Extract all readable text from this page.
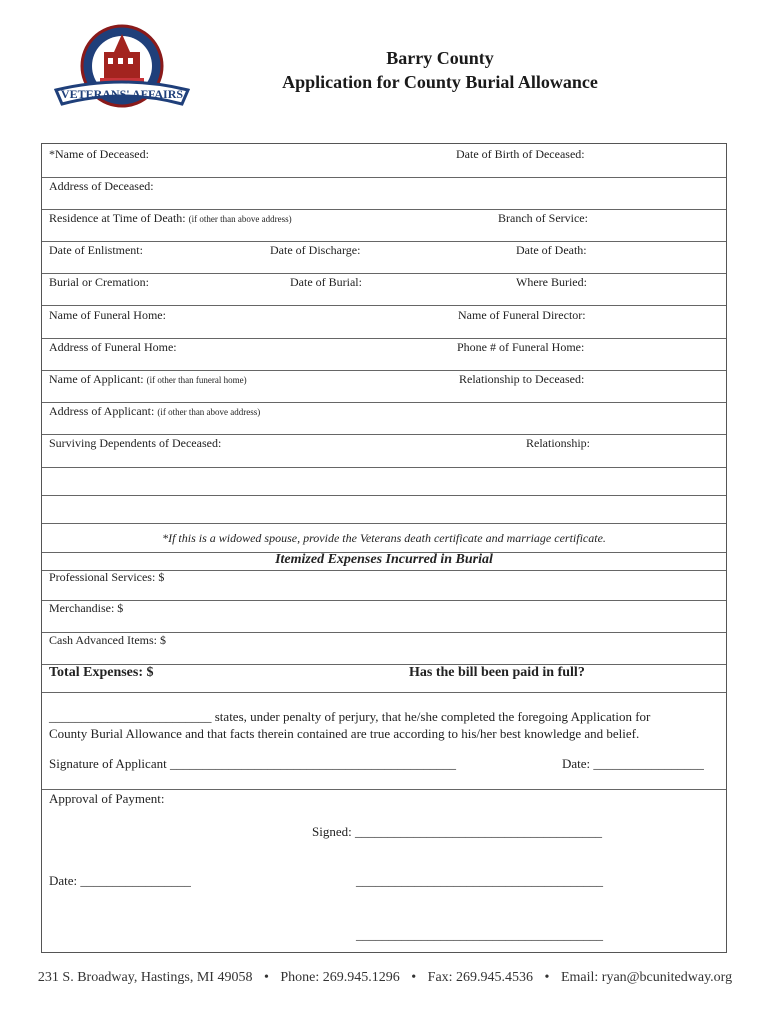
VETERANS' AFFAIRS
Barry County
Application for County Burial Allowance
*Name of Deceased:	Date of Birth of Deceased:
Address of Deceased:
Residence at Time of Death: (if other than above address)	Branch of Service:
Date of Enlistment:	Date of Discharge:	Date of Death:
Burial or Cremation:	Date of Burial:	Where Buried:
Name of Funeral Home:	Name of Funeral Director:
Address of Funeral Home:	Phone # of Funeral Home:
Name of Applicant: (if other than funeral home)	Relationship to Deceased:
Address of Applicant: (if other than above address)
Surviving Dependents of Deceased:	Relationship:
*If this is a widowed spouse, provide the Veterans death certificate and marriage certificate.
Itemized Expenses Incurred in Burial
Professional Services: $
Merchandise: $
Cash Advanced Items: $
Total Expenses: $	Has the bill been paid in full?
_________________________ states, under penalty of perjury, that he/she completed the foregoing Application for
County Burial Allowance and that facts therein contained are true according to his/her best knowledge and belief.
Signature of Applicant ____________________________________________	Date: _________________
Approval of Payment:
Signed: ______________________________________
Date: _________________	______________________________________
______________________________________
231 S. Broadway, Hastings, MI 49058 • Phone: 269.945.1296 • Fax: 269.945.4536 • Email: ryan@bcunitedway.org
